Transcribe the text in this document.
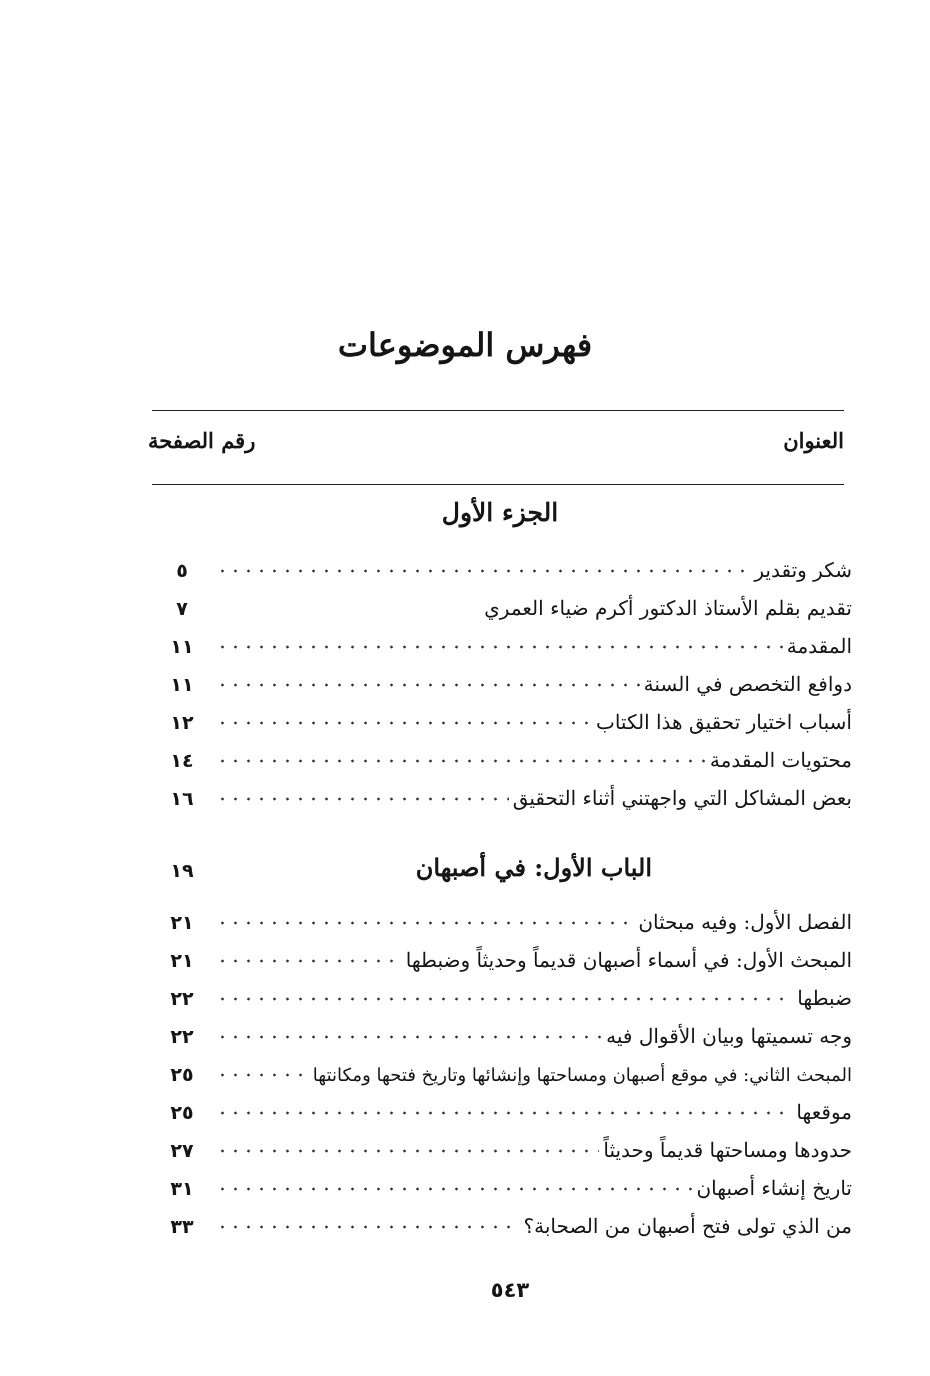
فهرس الموضوعات
العنوان
رقم الصفحة
الجزء الأول
شكر وتقدير
٥
تقديم بقلم الأستاذ الدكتور أكرم ضياء العمري
٧
المقدمة
١١
دوافع التخصص في السنة
١١
أسباب اختيار تحقيق هذا الكتاب
١٢
محتويات المقدمة
١٤
بعض المشاكل التي واجهتني أثناء التحقيق
١٦
الباب الأول: في أصبهان
١٩
الفصل الأول: وفيه مبحثان
٢١
المبحث الأول: في أسماء أصبهان قديماً وحديثاً وضبطها
٢١
ضبطها
٢٢
وجه تسميتها وبيان الأقوال فيه
٢٢
المبحث الثاني: في موقع أصبهان ومساحتها وإنشائها وتاريخ فتحها ومكانتها
٢٥
موقعها
٢٥
حدودها ومساحتها قديماً وحديثاً
٢٧
تاريخ إنشاء أصبهان
٣١
من الذي تولى فتح أصبهان من الصحابة؟
٣٣
٥٤٣
